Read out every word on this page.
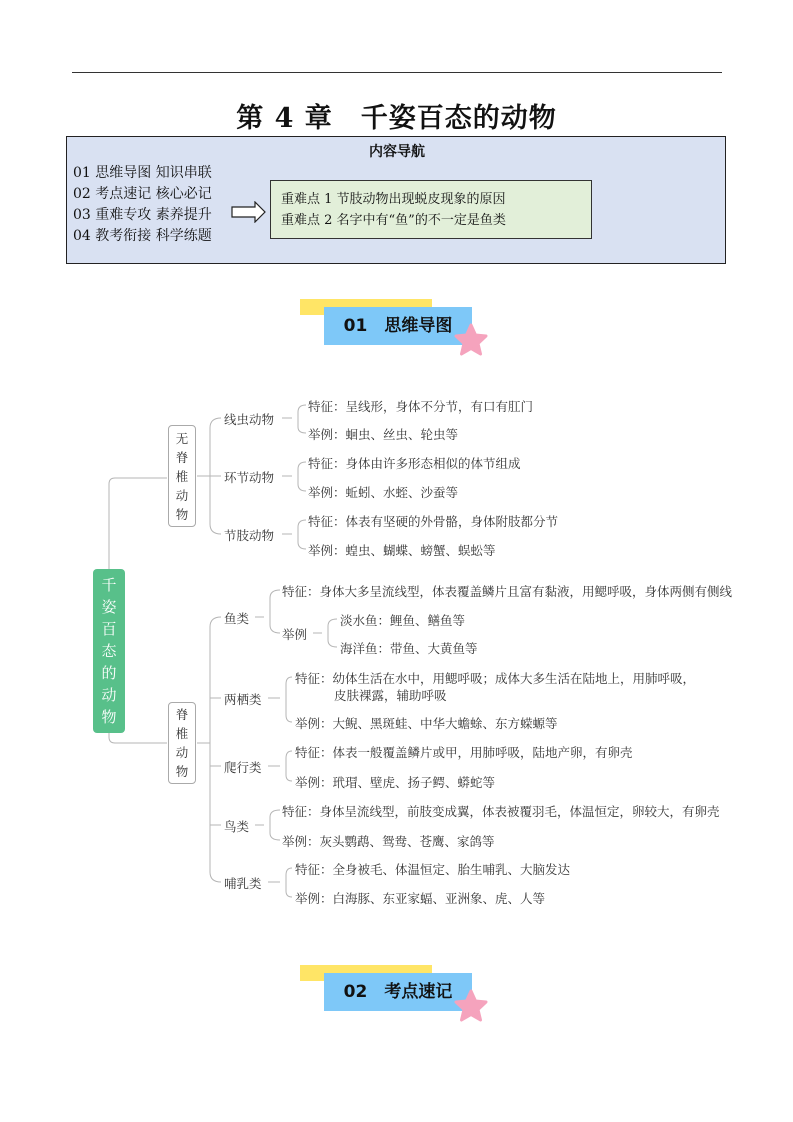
第 4 章　千姿百态的动物
内容导航
01 思维导图 知识串联
02 考点速记 核心必记
03 重难专攻 素养提升
04 教考衔接 科学练题
重难点 1 节肢动物出现蜕皮现象的原因
重难点 2 名字中有“鱼”的不一定是鱼类
01　思维导图
千
姿
百
态
的
动
物
无
脊
椎
动
物
脊
椎
动
物
线虫动物
特征：呈线形，身体不分节，有口有肛门
举例：蛔虫、丝虫、轮虫等
环节动物
特征：身体由许多形态相似的体节组成
举例：蚯蚓、水蛭、沙蚕等
节肢动物
特征：体表有坚硬的外骨骼，身体附肢都分节
举例：蝗虫、蝴蝶、螃蟹、蜈蚣等
鱼类
特征：身体大多呈流线型，体表覆盖鳞片且富有黏液，用鳃呼吸，身体两侧有侧线
举例
淡水鱼：鲤鱼、鳝鱼等
海洋鱼：带鱼、大黄鱼等
两栖类
特征：幼体生活在水中，用鳃呼吸；成体大多生活在陆地上，用肺呼吸，
皮肤裸露，辅助呼吸
举例：大鲵、黑斑蛙、中华大蟾蜍、东方蝾螈等
爬行类
特征：体表一般覆盖鳞片或甲，用肺呼吸，陆地产卵，有卵壳
举例：玳瑁、壁虎、扬子鳄、蟒蛇等
鸟类
特征：身体呈流线型，前肢变成翼，体表被覆羽毛，体温恒定，卵较大，有卵壳
举例：灰头鹦鹉、鸳鸯、苍鹰、家鸽等
哺乳类
特征：全身被毛、体温恒定、胎生哺乳、大脑发达
举例：白海豚、东亚家蝠、亚洲象、虎、人等
02　考点速记
